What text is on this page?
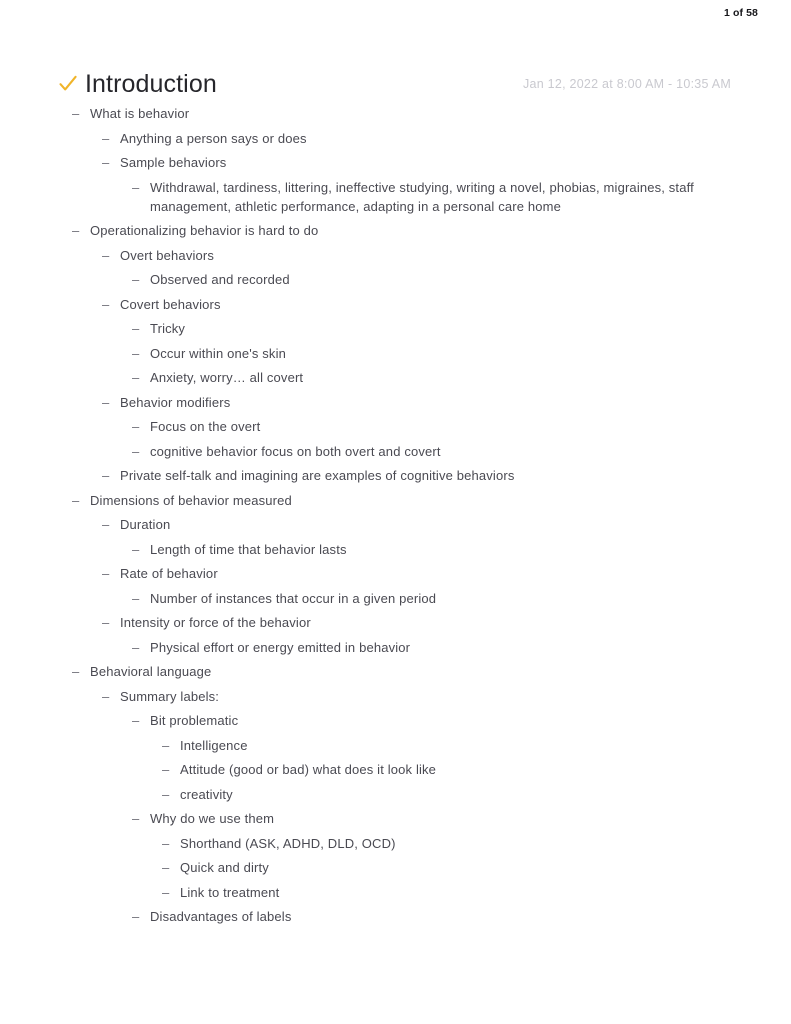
1 of 58
Introduction	Jan 12, 2022 at 8:00 AM - 10:35 AM
– What is behavior
– Anything a person says or does
– Sample behaviors
– Withdrawal, tardiness, littering, ineffective studying, writing a novel, phobias, migraines, staff management, athletic performance, adapting in a personal care home
– Operationalizing behavior is hard to do
– Overt behaviors
– Observed and recorded
– Covert behaviors
– Tricky
– Occur within one's skin
– Anxiety, worry… all covert
– Behavior modifiers
– Focus on the overt
– cognitive behavior focus on both overt and covert
– Private self-talk and imagining are examples of cognitive behaviors
– Dimensions of behavior measured
– Duration
– Length of time that behavior lasts
– Rate of behavior
– Number of instances that occur in a given period
– Intensity or force of the behavior
– Physical effort or energy emitted in behavior
– Behavioral language
– Summary labels:
– Bit problematic
– Intelligence
– Attitude (good or bad) what does it look like
– creativity
– Why do we use them
– Shorthand (ASK, ADHD, DLD, OCD)
– Quick and dirty
– Link to treatment
– Disadvantages of labels
